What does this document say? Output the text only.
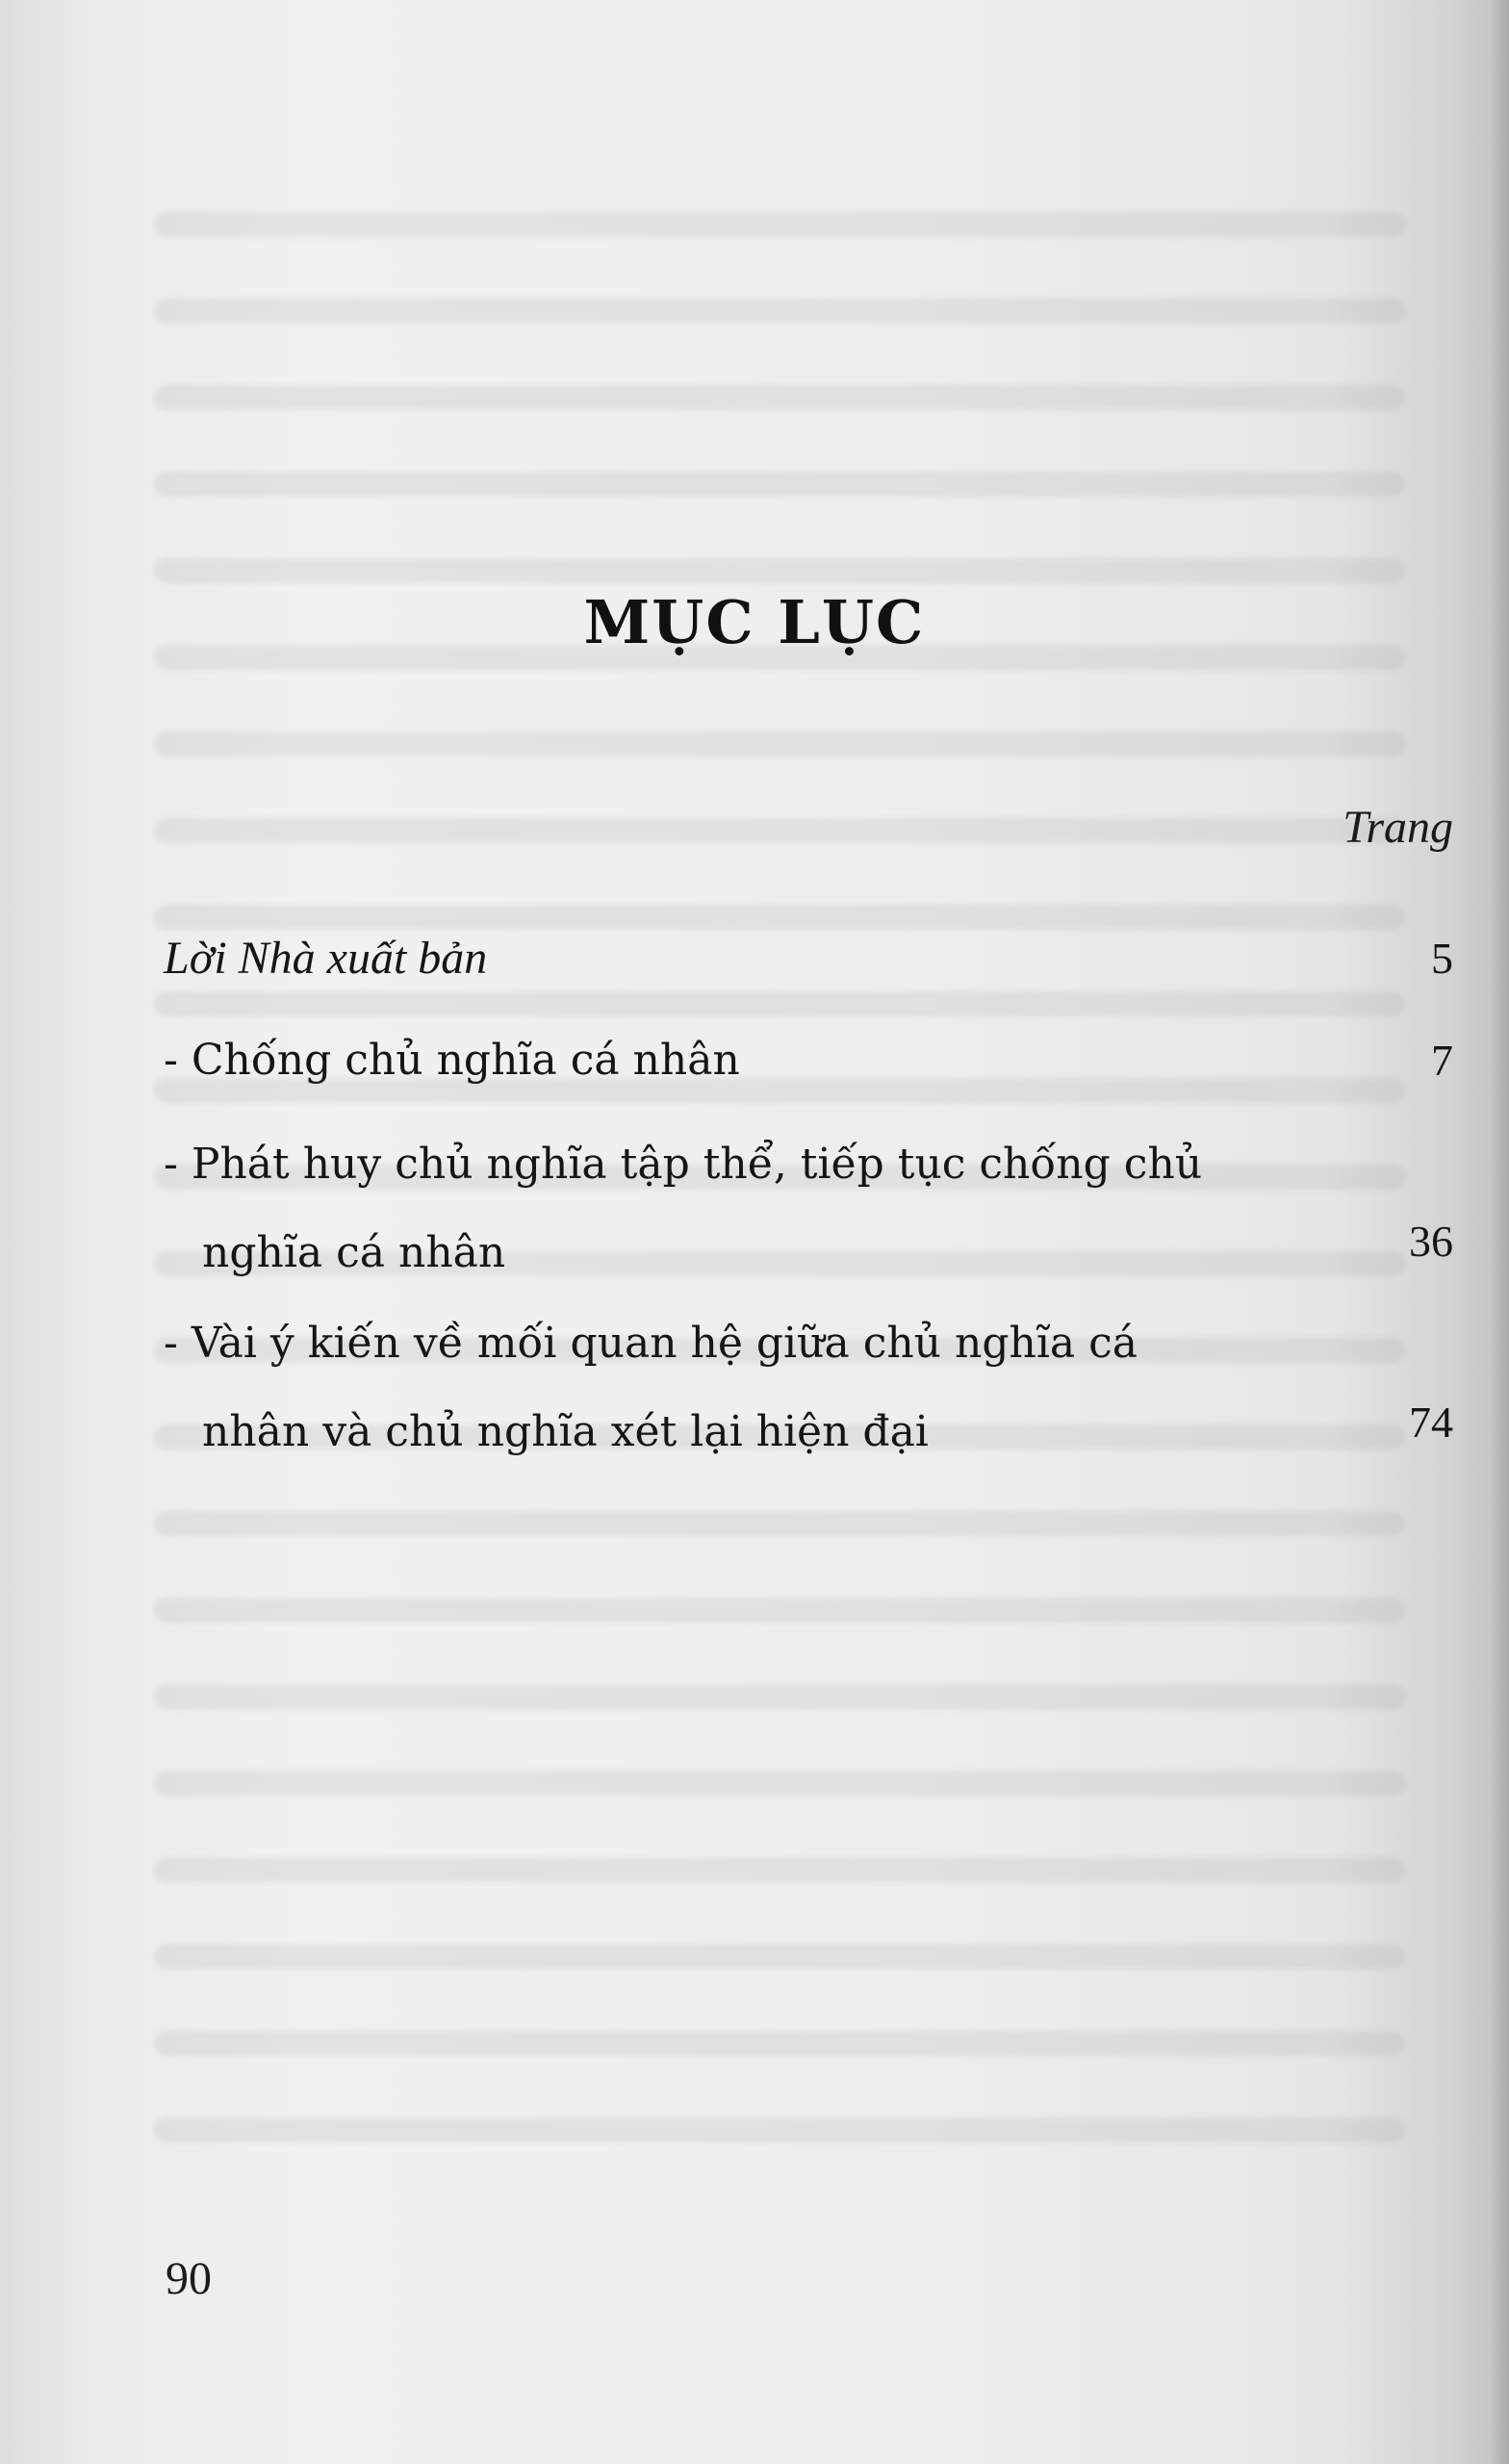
MỤC LỤC
Trang
Lời Nhà xuất bản	5
- Chống chủ nghĩa cá nhân	7
- Phát huy chủ nghĩa tập thể, tiếp tục chống chủ
nghĩa cá nhân	36
- Vài ý kiến về mối quan hệ giữa chủ nghĩa cá
nhân và chủ nghĩa xét lại hiện đại	74
90
